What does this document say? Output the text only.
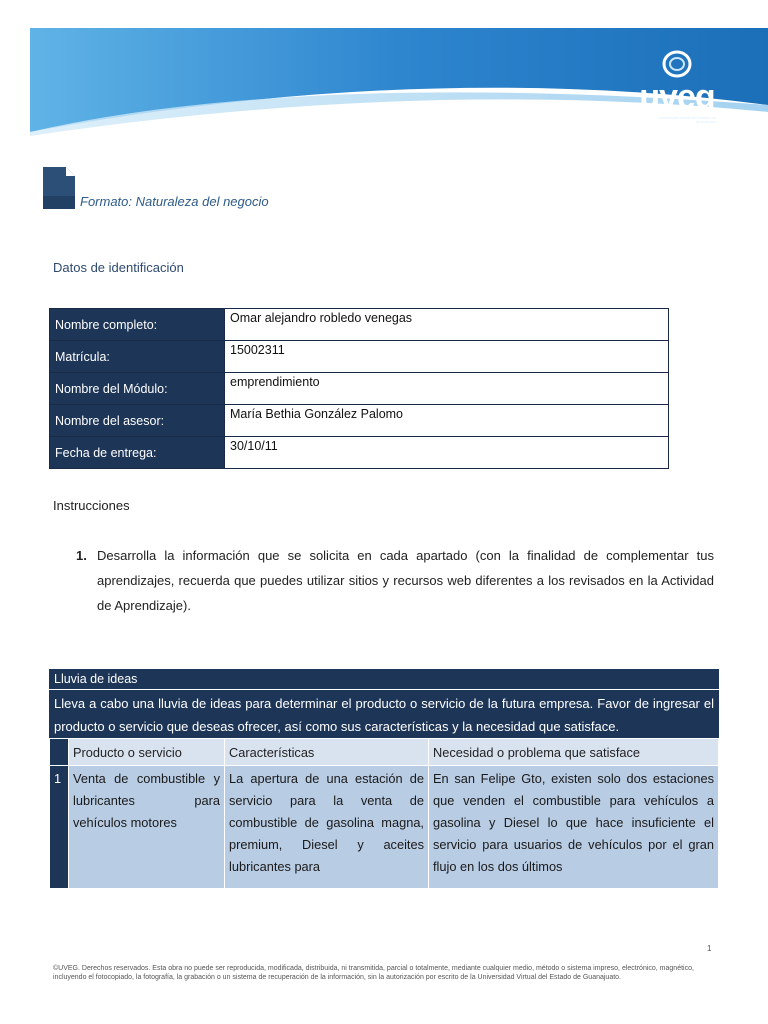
uveg
universidad virtual del estado de guanajuato
Formato: Naturaleza del negocio
Datos de identificación
Nombre completo:	Omar alejandro robledo venegas
Matrícula:	15002311
Nombre del Módulo:	emprendimiento
Nombre del asesor:	María Bethia González Palomo
Fecha de entrega:	30/10/11
Instrucciones
1. Desarrolla la información que se solicita en cada apartado (con la finalidad de complementar tus aprendizajes, recuerda que puedes utilizar sitios y recursos web diferentes a los revisados en la Actividad de Aprendizaje).
Lluvia de ideas
Lleva a cabo una lluvia de ideas para determinar el producto o servicio de la futura empresa. Favor de ingresar el producto o servicio que deseas ofrecer, así como sus características y la necesidad que satisface.
	Producto o servicio	Características	Necesidad o problema que satisface
1	Venta de combustible y lubricantes para vehículos motores	La apertura de una estación de servicio para la venta de combustible de gasolina magna, premium, Diesel y aceites lubricantes para	En san Felipe Gto, existen solo dos estaciones que venden el combustible para vehículos a gasolina y Diesel lo que hace insuficiente el servicio para usuarios de vehículos por el gran flujo en los dos últimos
1
©UVEG. Derechos reservados. Esta obra no puede ser reproducida, modificada, distribuida, ni transmitida, parcial o totalmente, mediante cualquier medio, método o sistema impreso, electrónico, magnético, incluyendo el fotocopiado, la fotografía, la grabación o un sistema de recuperación de la información, sin la autorización por escrito de la Universidad Virtual del Estado de Guanajuato.
